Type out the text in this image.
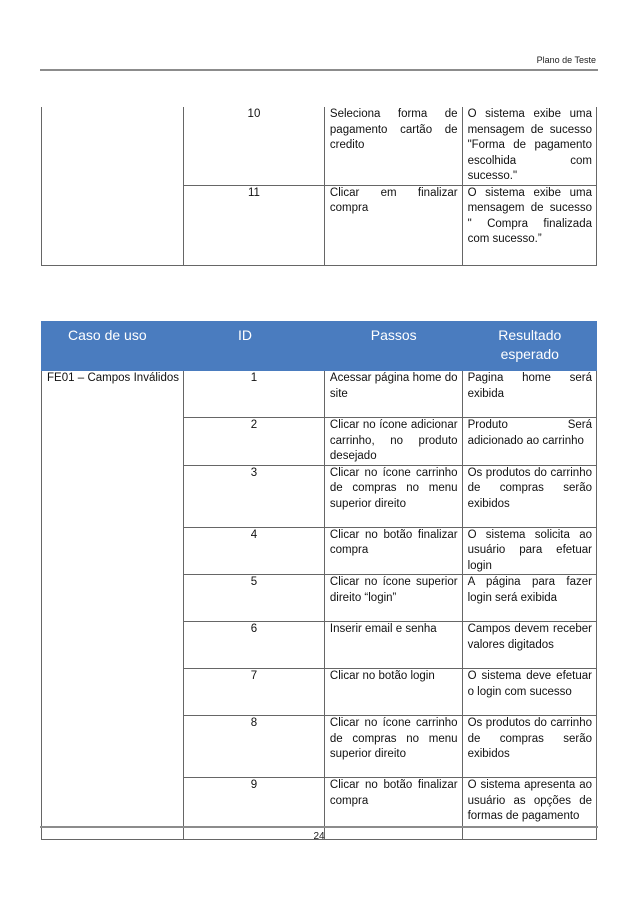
Plano de Teste
	10	Seleciona forma de pagamento cartão de credito	O sistema exibe uma mensagem de sucesso "Forma de pagamento escolhida com sucesso."
	11	Clicar em finalizar compra	O sistema exibe uma mensagem de sucesso " Compra finalizada com sucesso.”
Caso de uso	ID	Passos	Resultado esperado
FE01 – Campos Inválidos	1	Acessar página home do site	Pagina home será exibida
	2	Clicar no ícone adicionar carrinho, no produto desejado	Produto Será adicionado ao carrinho
	3	Clicar no ícone carrinho de compras no menu superior direito	Os produtos do carrinho de compras serão exibidos
	4	Clicar no botão finalizar compra	O sistema solicita ao usuário para efetuar login
	5	Clicar no ícone superior direito “login”	A página para fazer login será exibida
	6	Inserir email e senha	Campos devem receber valores digitados
	7	Clicar no botão login	O sistema deve efetuar o login com sucesso
	8	Clicar no ícone carrinho de compras no menu superior direito	Os produtos do carrinho de compras serão exibidos
	9	Clicar no botão finalizar compra	O sistema apresenta ao usuário as opções de formas de pagamento
24
